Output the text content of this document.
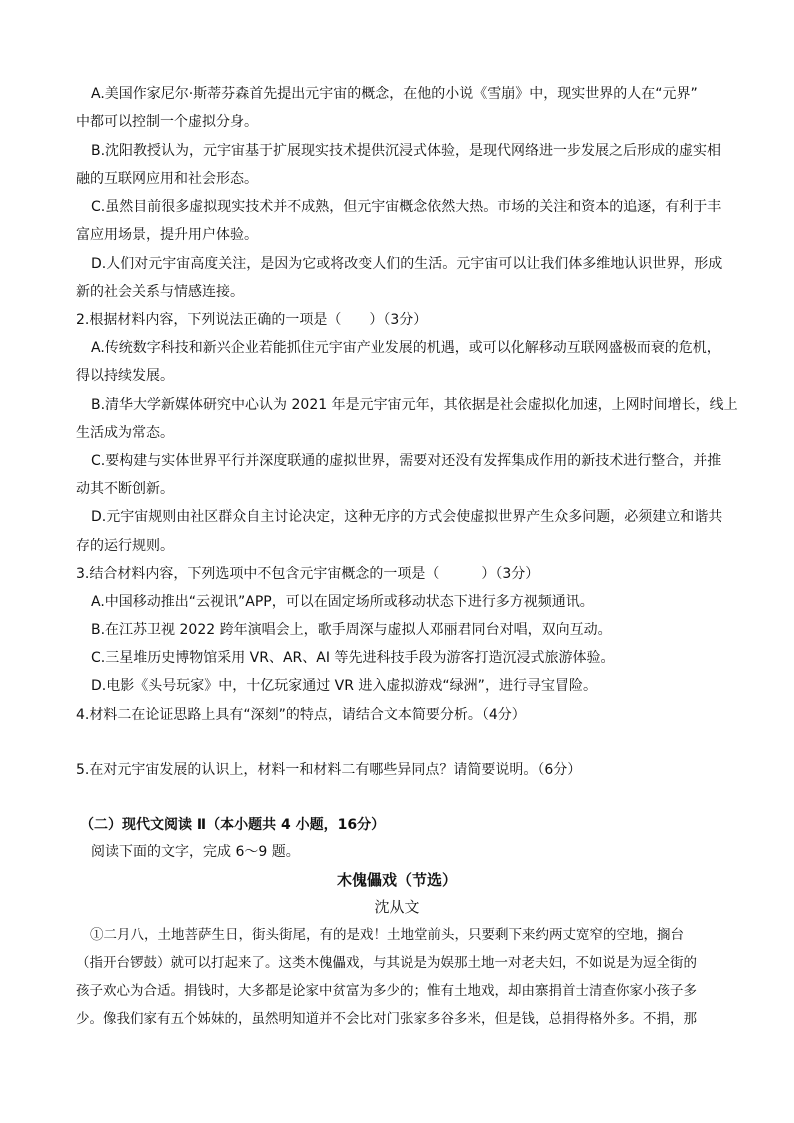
A.美国作家尼尔·斯蒂芬森首先提出元宇宙的概念，在他的小说《雪崩》中，现实世界的人在“元界”
中都可以控制一个虚拟分身。
B.沈阳教授认为，元宇宙基于扩展现实技术提供沉浸式体验，是现代网络进一步发展之后形成的虚实相
融的互联网应用和社会形态。
C.虽然目前很多虚拟现实技术并不成熟，但元宇宙概念依然大热。市场的关注和资本的追逐，有利于丰
富应用场景，提升用户体验。
D.人们对元宇宙高度关注，是因为它或将改变人们的生活。元宇宙可以让我们体多维地认识世界，形成
新的社会关系与情感连接。
2.根据材料内容，下列说法正确的一项是（　　）（3分）
A.传统数字科技和新兴企业若能抓住元宇宙产业发展的机遇，或可以化解移动互联网盛极而衰的危机，
得以持续发展。
B.清华大学新媒体研究中心认为 2021 年是元宇宙元年，其依据是社会虚拟化加速，上网时间增长，线上
生活成为常态。
C.要构建与实体世界平行并深度联通的虚拟世界，需要对还没有发挥集成作用的新技术进行整合，并推
动其不断创新。
D.元宇宙规则由社区群众自主讨论决定，这种无序的方式会使虚拟世界产生众多问题，必须建立和谐共
存的运行规则。
3.结合材料内容，下列选项中不包含元宇宙概念的一项是（　　　）（3分）
A.中国移动推出“云视讯”APP，可以在固定场所或移动状态下进行多方视频通讯。
B.在江苏卫视 2022 跨年演唱会上，歌手周深与虚拟人邓丽君同台对唱，双向互动。
C.三星堆历史博物馆采用 VR、AR、AI 等先进科技手段为游客打造沉浸式旅游体验。
D.电影《头号玩家》中，十亿玩家通过 VR 进入虚拟游戏“绿洲”，进行寻宝冒险。
4.材料二在论证思路上具有“深刻”的特点，请结合文本简要分析。（4分）
5.在对元宇宙发展的认识上，材料一和材料二有哪些异同点？请简要说明。（6分）
（二）现代文阅读 Ⅱ（本小题共 4 小题，16分）
阅读下面的文字，完成 6～9 题。
木傀儡戏（节选）
沈从文
①二月八，土地菩萨生日，街头街尾，有的是戏！土地堂前头，只要剩下来约两丈宽窄的空地，搁台
（指开台锣鼓）就可以打起来了。这类木傀儡戏，与其说是为娱那土地一对老夫妇，不如说是为逗全街的
孩子欢心为合适。捐钱时，大多都是论家中贫富为多少的；惟有土地戏，却由寨捐首士清查你家小孩子多
少。像我们家有五个姊妹的，虽然明知道并不会比对门张家多谷多米，但是钱，总捐得格外多。不捐，那
